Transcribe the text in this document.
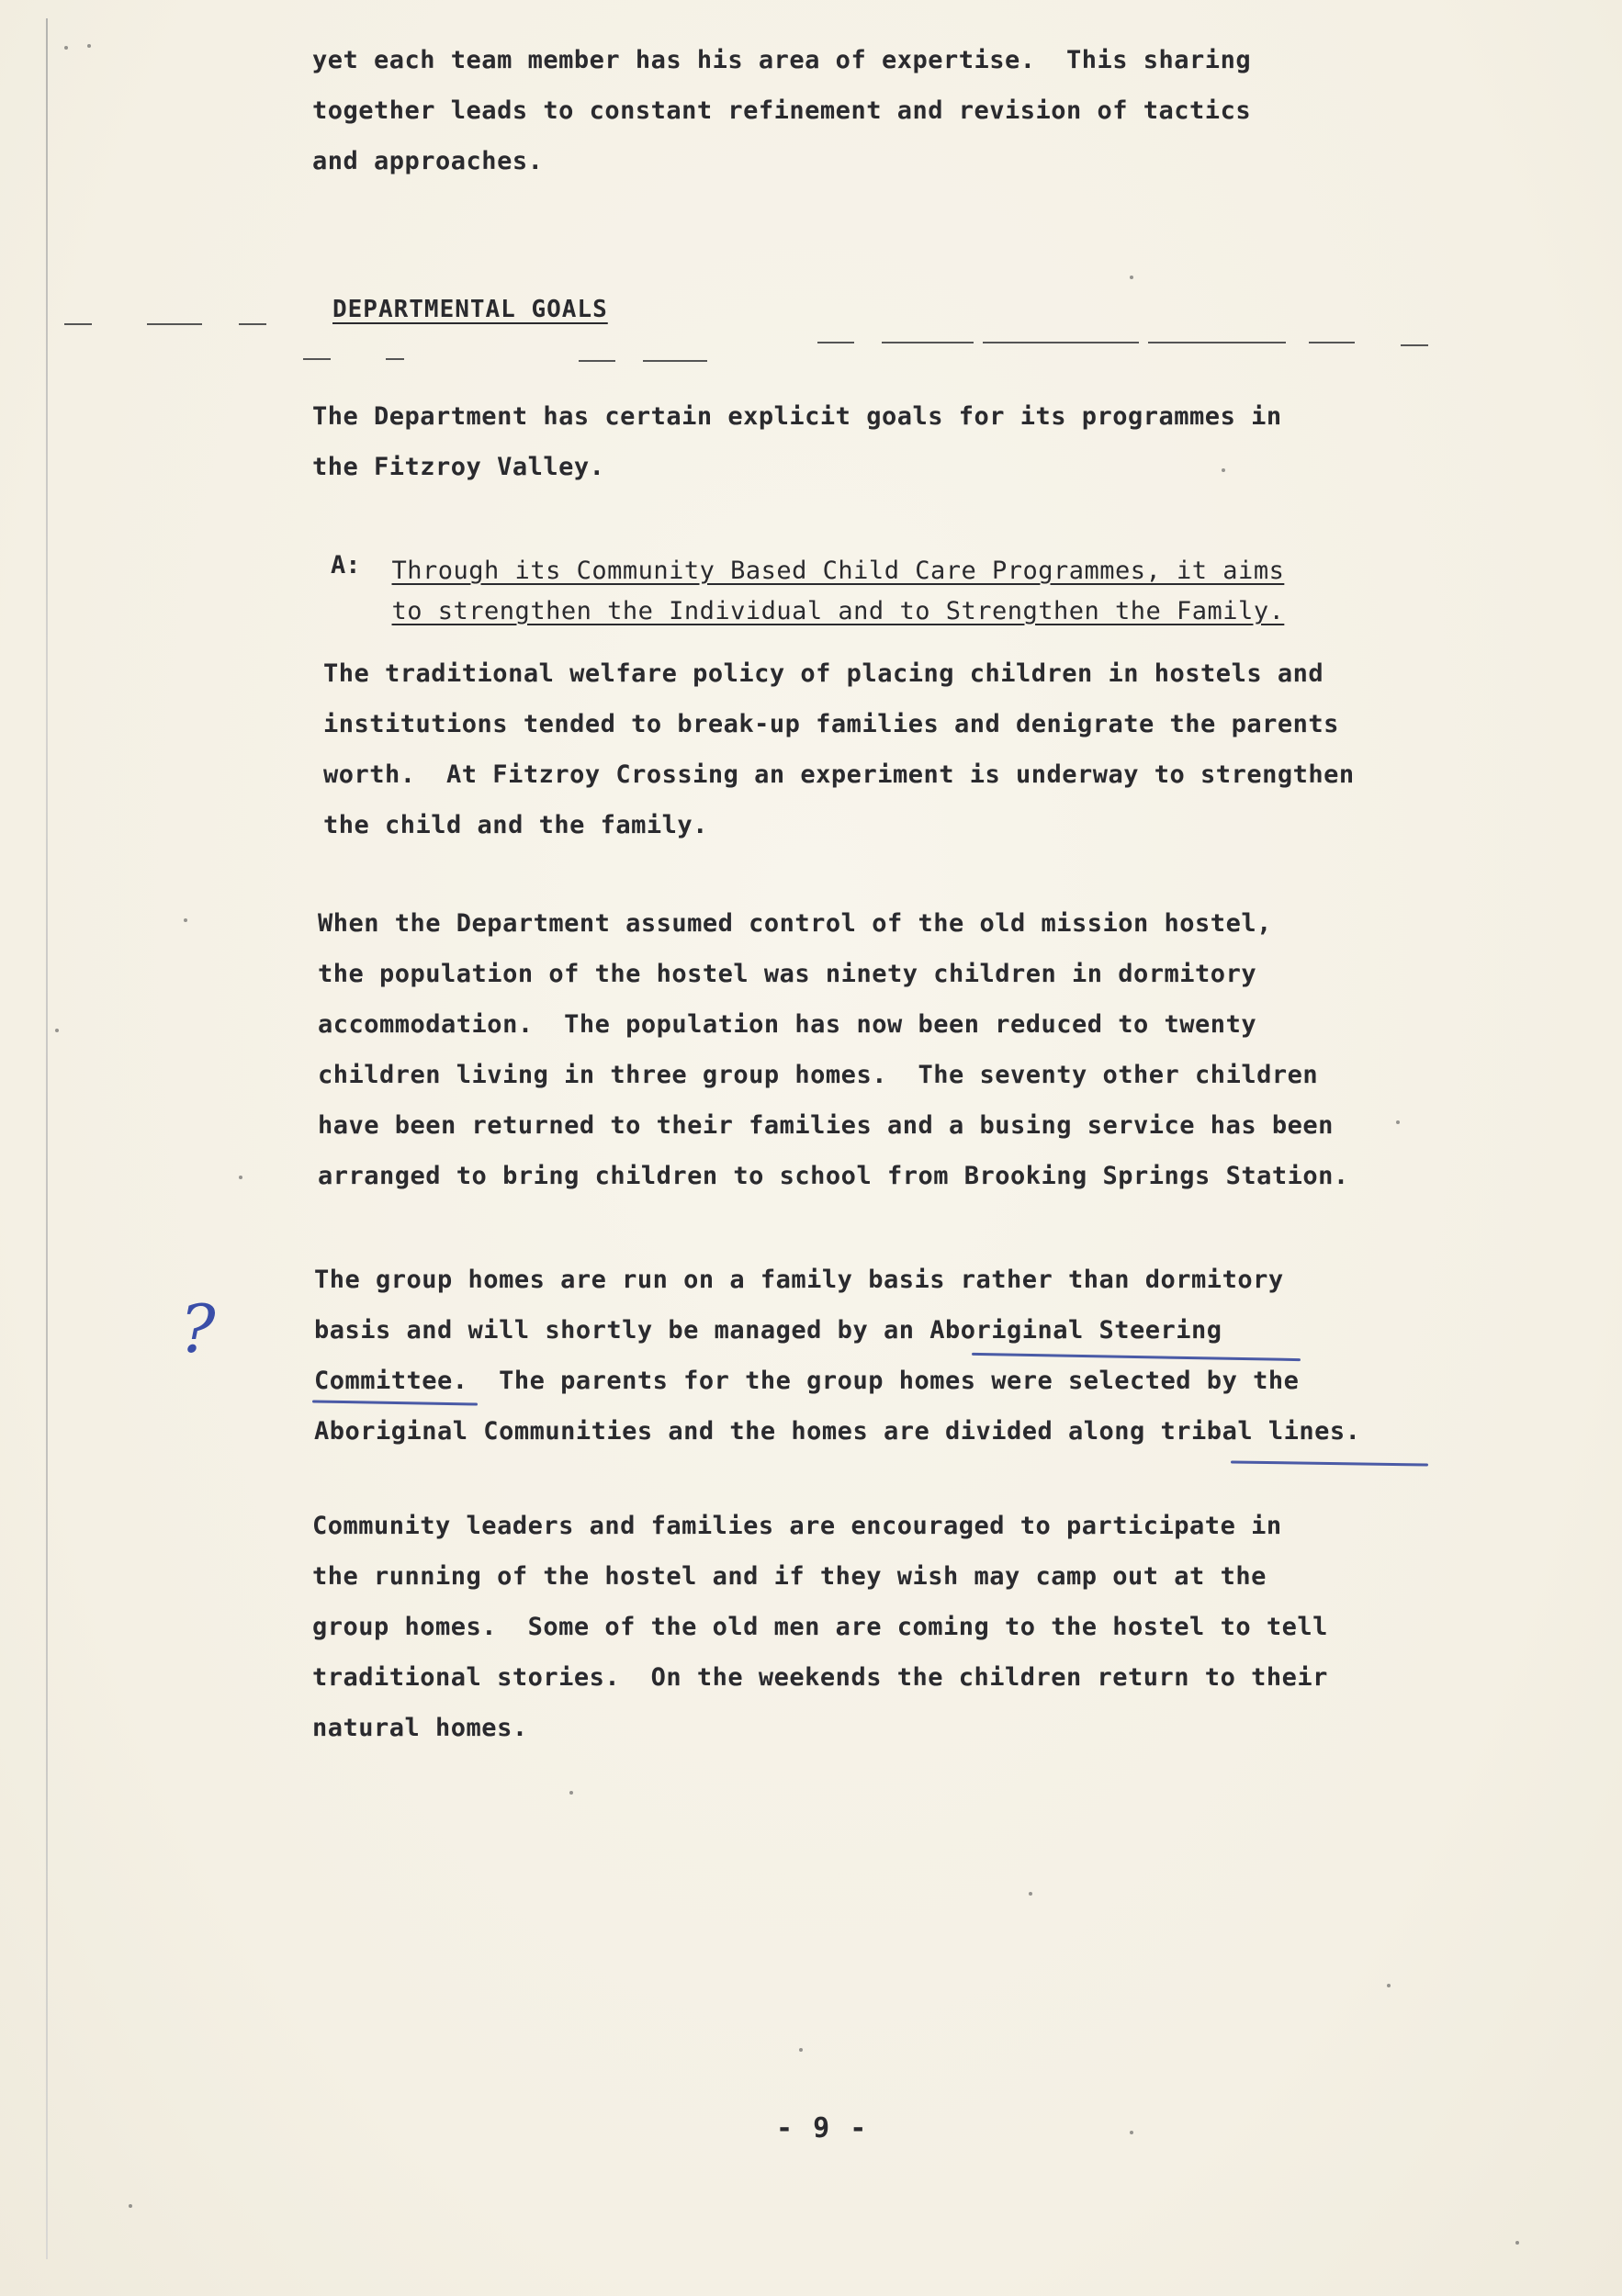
yet each team member has his area of expertise.  This sharing

together leads to constant refinement and revision of tactics

and approaches.

DEPARTMENTAL GOALS

The Department has certain explicit goals for its programmes in

the Fitzroy Valley.

A: Through its Community Based Child Care Programmes, it aims
to strengthen the Individual and to Strengthen the Family.

The traditional welfare policy of placing children in hostels and

institutions tended to break-up families and denigrate the parents

worth.  At Fitzroy Crossing an experiment is underway to strengthen

the child and the family.

When the Department assumed control of the old mission hostel,

the population of the hostel was ninety children in dormitory

accommodation.  The population has now been reduced to twenty

children living in three group homes.  The seventy other children

have been returned to their families and a busing service has been

arranged to bring children to school from Brooking Springs Station.

The group homes are run on a family basis rather than dormitory

basis and will shortly be managed by an Aboriginal Steering

Committee.  The parents for the group homes were selected by the

Aboriginal Communities and the homes are divided along tribal lines.

?

Community leaders and families are encouraged to participate in

the running of the hostel and if they wish may camp out at the

group homes.  Some of the old men are coming to the hostel to tell

traditional stories.  On the weekends the children return to their

natural homes.

- 9 -
